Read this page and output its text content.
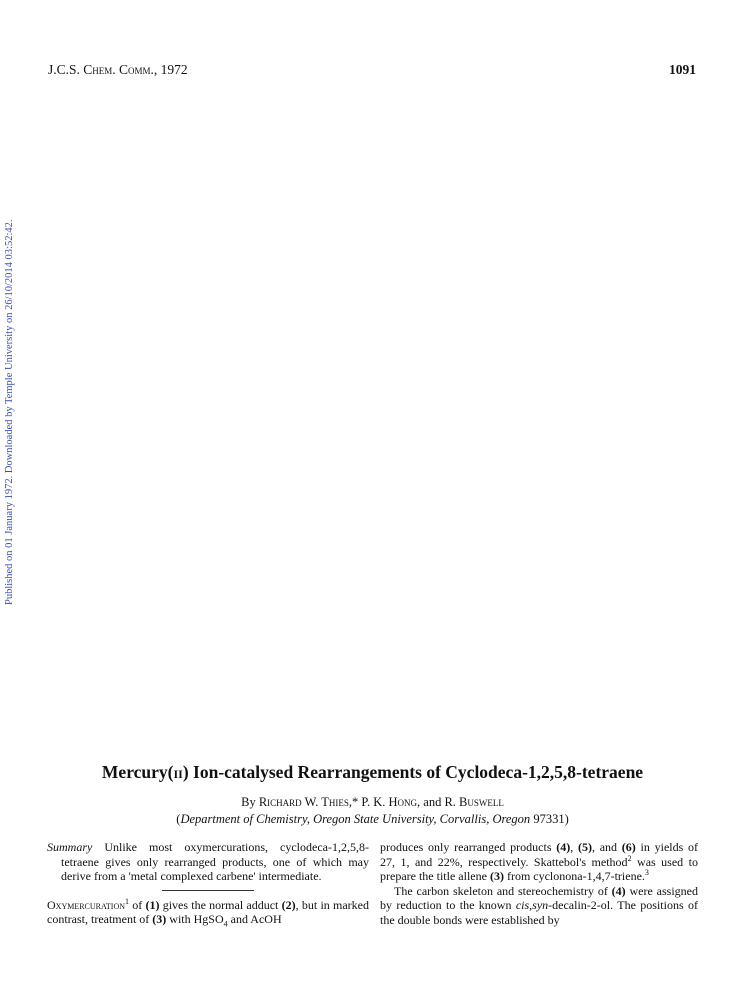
J.C.S. Chem. Comm., 1972	1091
Published on 01 January 1972. Downloaded by Temple University on 26/10/2014 03:52:42.
Mercury(ii) Ion-catalysed Rearrangements of Cyclodeca-1,2,5,8-tetraene
By Richard W. Thies,* P. K. Hong, and R. Buswell
(Department of Chemistry, Oregon State University, Corvallis, Oregon 97331)

Summary Unlike most oxymercurations, cyclodeca-1,2,5,8-tetraene gives only rearranged products, one of which may derive from a 'metal complexed carbene' intermediate.

Oxymercuration$^1$ of (1) gives the normal adduct (2), but in marked contrast, treatment of (3) with HgSO$_4$ and AcOH

produces only rearranged products (4), (5), and (6) in yields of 27, 1, and 22%, respectively. Skattebol's method$^2$ was used to prepare the title allene (3) from cyclonona-1,4,7-triene.$^3$

The carbon skeleton and stereochemistry of (4) were assigned by reduction to the known cis,syn-decalin-2-ol. The positions of the double bonds were established by
